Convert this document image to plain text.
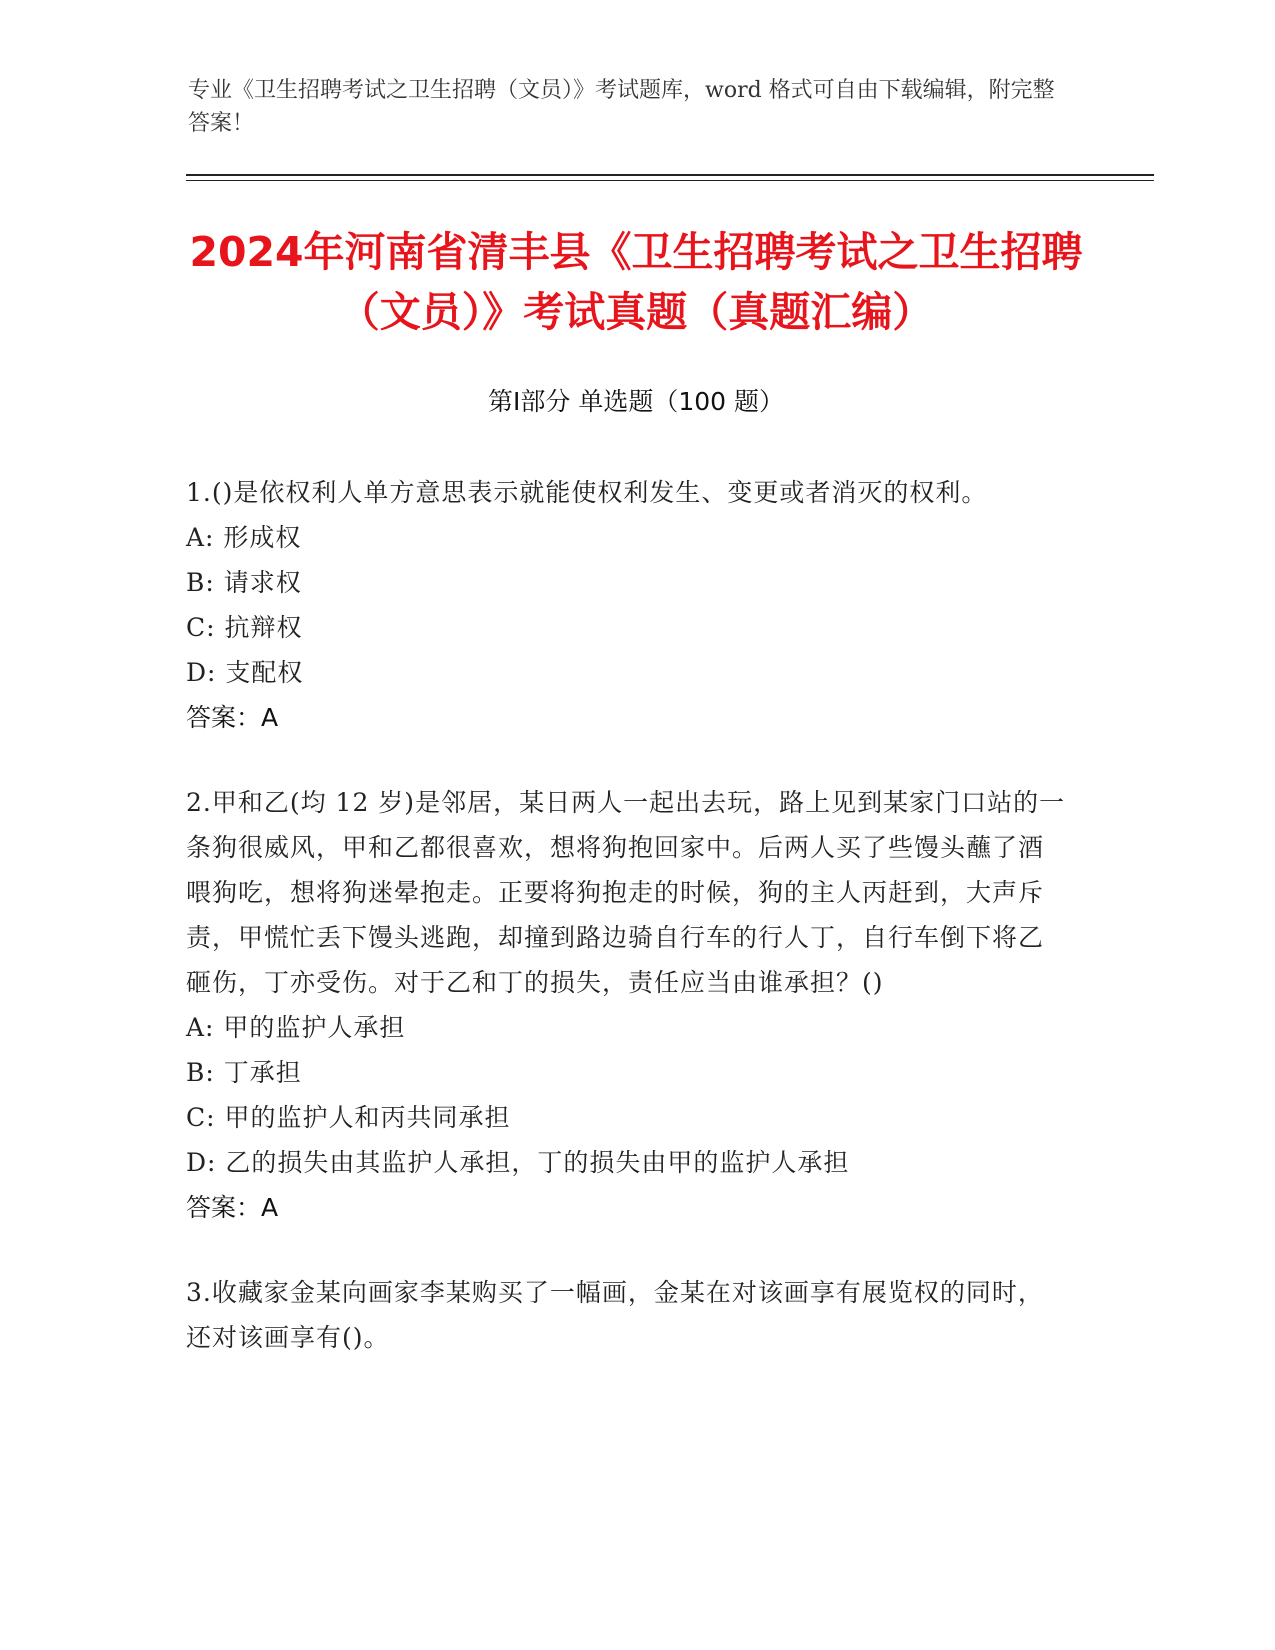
专业《卫生招聘考试之卫生招聘（文员）》考试题库，word 格式可自由下载编辑，附完整答案！
2024年河南省清丰县《卫生招聘考试之卫生招聘（文员）》考试真题（真题汇编）
第Ⅰ部分 单选题（100 题）

1.()是依权利人单方意思表示就能使权利发生、变更或者消灭的权利。

A: 形成权

B: 请求权

C: 抗辩权

D: 支配权

答案：A

2.甲和乙(均 12 岁)是邻居，某日两人一起出去玩，路上见到某家门口站的一条狗很威风，甲和乙都很喜欢，想将狗抱回家中。后两人买了些馒头蘸了酒喂狗吃，想将狗迷晕抱走。正要将狗抱走的时候，狗的主人丙赶到，大声斥责，甲慌忙丢下馒头逃跑，却撞到路边骑自行车的行人丁，自行车倒下将乙砸伤，丁亦受伤。对于乙和丁的损失，责任应当由谁承担？()

A: 甲的监护人承担

B: 丁承担

C: 甲的监护人和丙共同承担

D: 乙的损失由其监护人承担，丁的损失由甲的监护人承担

答案：A

3.收藏家金某向画家李某购买了一幅画，金某在对该画享有展览权的同时，还对该画享有()。
